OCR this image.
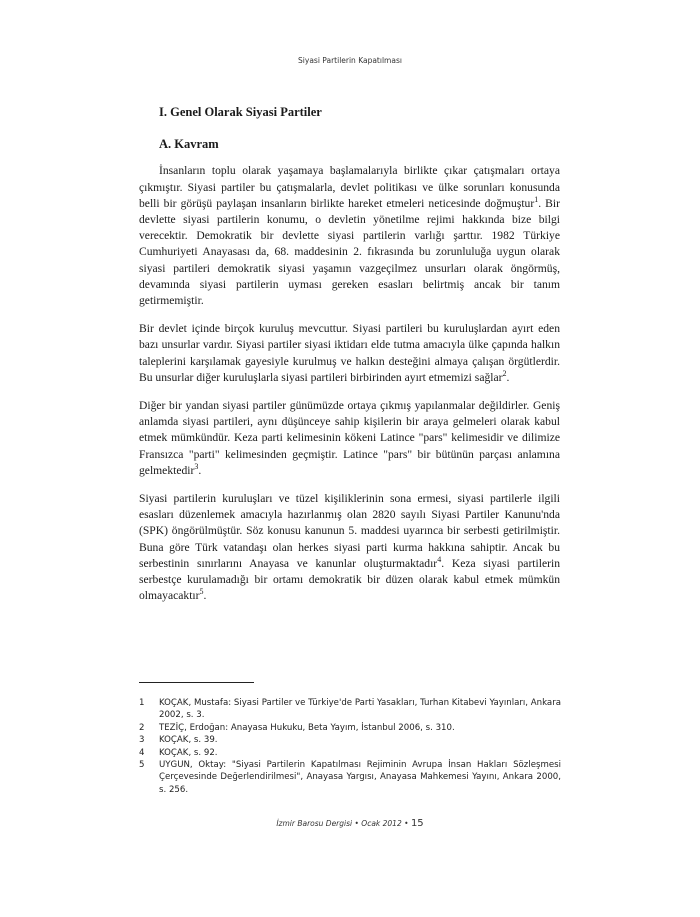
Siyasi Partilerin Kapatılması
I. Genel Olarak Siyasi Partiler
A. Kavram

İnsanların toplu olarak yaşamaya başlamalarıyla birlikte çıkar çatışmaları ortaya çıkmıştır. Siyasi partiler bu çatışmalarla, devlet politikası ve ülke sorunları konusunda belli bir görüşü paylaşan insanların birlikte hareket etmeleri neticesinde doğmuştur$^1$. Bir devlette siyasi partilerin konumu, o devletin yönetilme rejimi hakkında bize bilgi verecektir. Demokratik bir devlette siyasi partilerin varlığı şarttır. 1982 Türkiye Cumhuriyeti Anayasası da, 68. maddesinin 2. fıkrasında bu zorunluluğa uygun olarak siyasi partileri demokratik siyasi yaşamın vazgeçilmez unsurları olarak öngörmüş, devamında siyasi partilerin uyması gereken esasları belirtmiş ancak bir tanım getirmemiştir.

Bir devlet içinde birçok kuruluş mevcuttur. Siyasi partileri bu kuruluşlardan ayırt eden bazı unsurlar vardır. Siyasi partiler siyasi iktidarı elde tutma amacıyla ülke çapında halkın taleplerini karşılamak gayesiyle kurulmuş ve halkın desteğini almaya çalışan örgütlerdir. Bu unsurlar diğer kuruluşlarla siyasi partileri birbirinden ayırt etmemizi sağlar$^2$.

Diğer bir yandan siyasi partiler günümüzde ortaya çıkmış yapılanmalar değildirler. Geniş anlamda siyasi partileri, aynı düşünceye sahip kişilerin bir araya gelmeleri olarak kabul etmek mümkündür. Keza parti kelimesinin kökeni Latince "pars" kelimesidir ve dilimize Fransızca "parti" kelimesinden geçmiştir. Latince "pars" bir bütünün parçası anlamına gelmektedir$^3$.

Siyasi partilerin kuruluşları ve tüzel kişiliklerinin sona ermesi, siyasi partilerle ilgili esasları düzenlemek amacıyla hazırlanmış olan 2820 sayılı Siyasi Partiler Kanunu'nda (SPK) öngörülmüştür. Söz konusu kanunun 5. maddesi uyarınca bir serbesti getirilmiştir. Buna göre Türk vatandaşı olan herkes siyasi parti kurma hakkına sahiptir. Ancak bu serbestinin sınırlarını Anayasa ve kanunlar oluşturmaktadır$^4$. Keza siyasi partilerin serbestçe kurulamadığı bir ortamı demokratik bir düzen olarak kabul etmek mümkün olmayacaktır$^5$.

1	KOÇAK, Mustafa: Siyasi Partiler ve Türkiye'de Parti Yasakları, Turhan Kitabevi Yayınları, Ankara 2002, s. 3.
2	TEZİÇ, Erdoğan: Anayasa Hukuku, Beta Yayım, İstanbul 2006, s. 310.
3	KOÇAK, s. 39.
4	KOÇAK, s. 92.
5	UYGUN, Oktay: "Siyasi Partilerin Kapatılması Rejiminin Avrupa İnsan Hakları Sözleşmesi Çerçevesinde Değerlendirilmesi", Anayasa Yargısı, Anayasa Mahkemesi Yayını, Ankara 2000, s. 256.
İzmir Barosu Dergisi • Ocak 2012 • 15
